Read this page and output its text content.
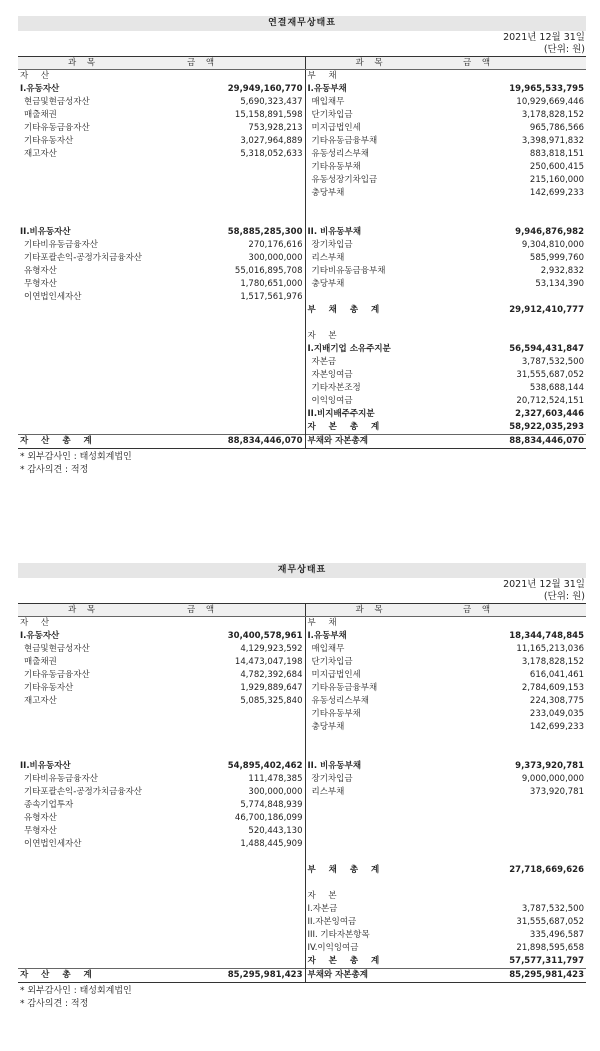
연결재무상태표
2021년 12월 31일
(단위: 원)
과 목	금 액	과 목	금 액
자 산		부 채	
I.유동자산	29,949,160,770	I.유동부채	19,965,533,795
현금및현금성자산	5,690,323,437	매입채무	10,929,669,446
매출채권	15,158,891,598	단기차입금	3,178,828,152
기타유동금융자산	753,928,213	미지급법인세	965,786,566
기타유동자산	3,027,964,889	기타유동금융부채	3,398,971,832
재고자산	5,318,052,633	유동성리스부채	883,818,151
		기타유동부채	250,600,415
		유동성장기차입금	215,160,000
		충당부채	142,699,233

II.비유동자산	58,885,285,300	II. 비유동부채	9,946,876,982
기타비유동금융자산	270,176,616	장기차입금	9,304,810,000
기타포괄손익-공정가치금융자산	300,000,000	리스부채	585,999,760
유형자산	55,016,895,708	기타비유동금융부채	2,932,832
무형자산	1,780,651,000	충당부채	53,134,390
이연법인세자산	1,517,561,976		
		부 채 총 계	29,912,410,777

		자 본	
		I.지배기업 소유주지분	56,594,431,847
		자본금	3,787,532,500
		자본잉여금	31,555,687,052
		기타자본조정	538,688,144
		이익잉여금	20,712,524,151
		II.비지배주주지분	2,327,603,446
		자 본 총 계	58,922,035,293
자 산 총 계	88,834,446,070	부채와 자본총계	88,834,446,070
* 외부감사인 : 태성회계법인
* 감사의견 : 적정
재무상태표
2021년 12월 31일
(단위: 원)
과 목	금 액	과 목	금 액
자 산		부 채	
I.유동자산	30,400,578,961	I.유동부채	18,344,748,845
현금및현금성자산	4,129,923,592	매입채무	11,165,213,036
매출채권	14,473,047,198	단기차입금	3,178,828,152
기타유동금융자산	4,782,392,684	미지급법인세	616,041,461
기타유동자산	1,929,889,647	기타유동금융부채	2,784,609,153
재고자산	5,085,325,840	유동성리스부채	224,308,775
		기타유동부채	233,049,035
		충당부채	142,699,233

II.비유동자산	54,895,402,462	II. 비유동부채	9,373,920,781
기타비유동금융자산	111,478,385	장기차입금	9,000,000,000
기타포괄손익-공정가치금융자산	300,000,000	리스부채	373,920,781
종속기업투자	5,774,848,939		
유형자산	46,700,186,099		
무형자산	520,443,130		
이연법인세자산	1,488,445,909		

		부 채 총 계	27,718,669,626

		자 본	
		I.자본금	3,787,532,500
		II.자본잉여금	31,555,687,052
		III. 기타자본항목	335,496,587
		IV.이익잉여금	21,898,595,658
		자 본 총 계	57,577,311,797
자 산 총 계	85,295,981,423	부채와 자본총계	85,295,981,423
* 외부감사인 : 태성회계법인
* 감사의견 : 적정
